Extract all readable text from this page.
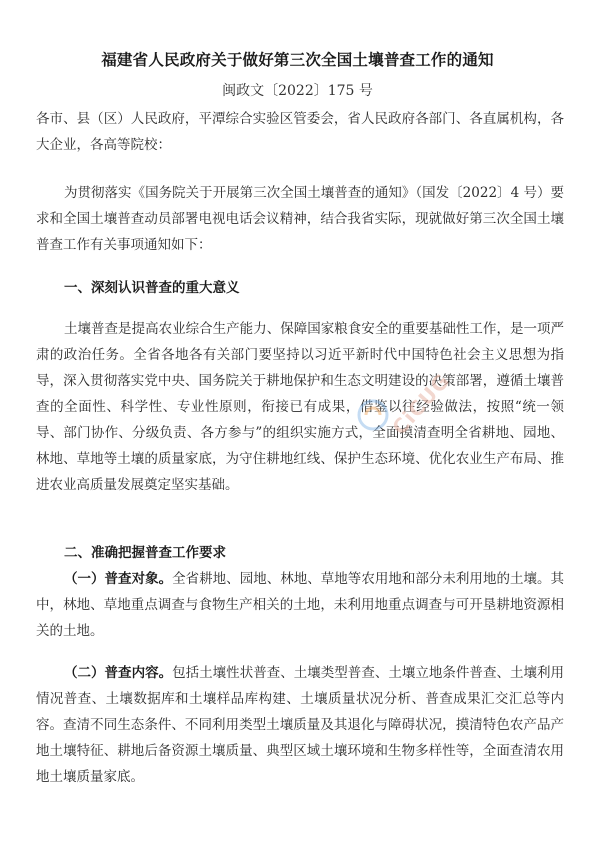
福建省人民政府关于做好第三次全国土壤普查工作的通知
闽政文〔2022〕175 号

各市、县（区）人民政府，平潭综合实验区管委会，省人民政府各部门、各直属机构，各大企业，各高等院校：

为贯彻落实《国务院关于开展第三次全国土壤普查的通知》（国发〔2022〕4 号）要求和全国土壤普查动员部署电视电话会议精神，结合我省实际，现就做好第三次全国土壤普查工作有关事项通知如下：

一、深刻认识普查的重大意义

土壤普查是提高农业综合生产能力、保障国家粮食安全的重要基础性工作，是一项严肃的政治任务。全省各地各有关部门要坚持以习近平新时代中国特色社会主义思想为指导，深入贯彻落实党中央、国务院关于耕地保护和生态文明建设的决策部署，遵循土壤普查的全面性、科学性、专业性原则，衔接已有成果，借鉴以往经验做法，按照“统一领导、部门协作、分级负责、各方参与”的组织实施方式，全面摸清查明全省耕地、园地、林地、草地等土壤的质量家底，为守住耕地红线、保护生态环境、优化农业生产布局、推进农业高质量发展奠定坚实基础。

二、准确把握普查工作要求

（一）普查对象。全省耕地、园地、林地、草地等农用地和部分未利用地的土壤。其中，林地、草地重点调查与食物生产相关的土地，未利用地重点调查与可开垦耕地资源相关的土地。

（二）普查内容。包括土壤性状普查、土壤类型普查、土壤立地条件普查、土壤利用情况普查、土壤数据库和土壤样品库构建、土壤质量状况分析、普查成果汇交汇总等内容。查清不同生态条件、不同利用类型土壤质量及其退化与障碍状况，摸清特色农产品产地土壤特征、耕地后备资源土壤质量、典型区域土壤环境和生物多样性等，全面查清农用地土壤质量家底。

CiCUG
